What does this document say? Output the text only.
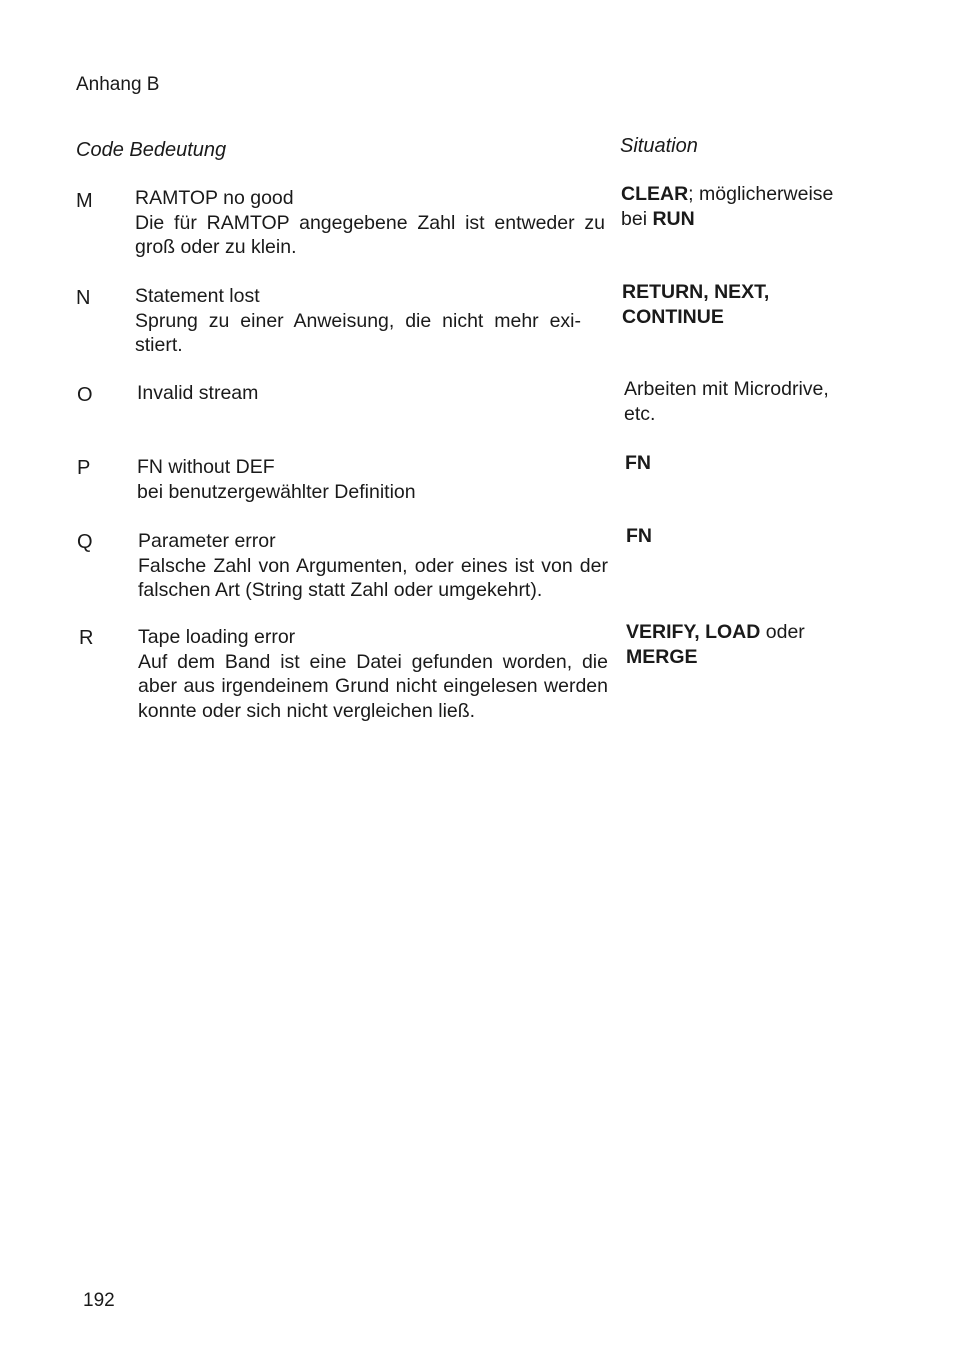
Anhang B
Code Bedeutung	Situation
M RAMTOP no good
Die für RAMTOP angegebene Zahl ist entweder zu groß oder zu klein.
CLEAR; möglicherweise bei RUN
N Statement lost
Sprung zu einer Anweisung, die nicht mehr exi-stiert.
RETURN, NEXT, CONTINUE
O Invalid stream	Arbeiten mit Microdrive, etc.
P FN without DEF
bei benutzergewählter Definition
FN
Q Parameter error
Falsche Zahl von Argumenten, oder eines ist von der falschen Art (String statt Zahl oder umgekehrt).
FN
R Tape loading error
Auf dem Band ist eine Datei gefunden worden, die aber aus irgendeinem Grund nicht eingelesen werden konnte oder sich nicht vergleichen ließ.
VERIFY, LOAD oder MERGE
192
